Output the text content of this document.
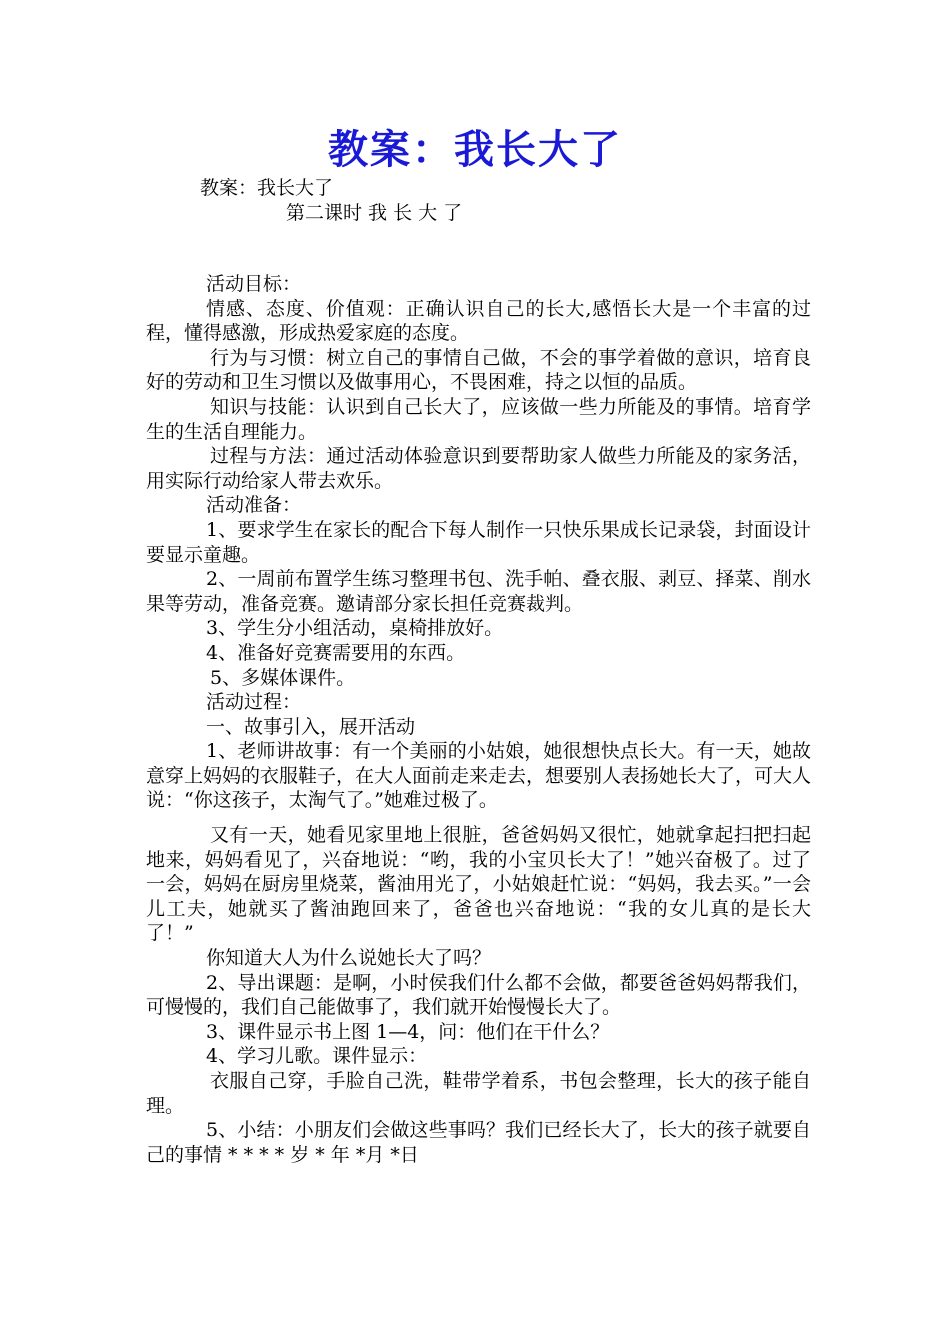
教案：我长大了
教案：我长大了
第二课时 我 长 大 了

活动目标：

情感、态度、价值观：正确认识自己的长大,感悟长大是一个丰富的过程，懂得感激，形成热爱家庭的态度。

行为与习惯：树立自己的事情自己做，不会的事学着做的意识，培育良好的劳动和卫生习惯以及做事用心，不畏困难，持之以恒的品质。

知识与技能：认识到自己长大了，应该做一些力所能及的事情。培育学生的生活自理能力。

过程与方法：通过活动体验意识到要帮助家人做些力所能及的家务活，用实际行动给家人带去欢乐。

活动准备：

1、要求学生在家长的配合下每人制作一只快乐果成长记录袋，封面设计要显示童趣。

2、一周前布置学生练习整理书包、洗手帕、叠衣服、剥豆、择菜、削水果等劳动，准备竞赛。邀请部分家长担任竞赛裁判。

3、学生分小组活动，桌椅排放好。

4、准备好竞赛需要用的东西。

5、多媒体课件。

活动过程：

一、故事引入，展开活动

1、老师讲故事：有一个美丽的小姑娘，她很想快点长大。有一天，她故意穿上妈妈的衣服鞋子，在大人面前走来走去，想要别人表扬她长大了，可大人说：“你这孩子，太淘气了。”她难过极了。

又有一天，她看见家里地上很脏，爸爸妈妈又很忙，她就拿起扫把扫起地来，妈妈看见了，兴奋地说：“哟，我的小宝贝长大了！”她兴奋极了。过了一会，妈妈在厨房里烧菜，酱油用光了，小姑娘赶忙说：“妈妈，我去买。”一会儿工夫，她就买了酱油跑回来了，爸爸也兴奋地说：“我的女儿真的是长大了！”

你知道大人为什么说她长大了吗？

2、导出课题：是啊，小时侯我们什么都不会做，都要爸爸妈妈帮我们，可慢慢的，我们自己能做事了，我们就开始慢慢长大了。

3、课件显示书上图 1—4，问：他们在干什么？

4、学习儿歌。课件显示：

衣服自己穿，手脸自己洗，鞋带学着系，书包会整理，长大的孩子能自理。

5、小结：小朋友们会做这些事吗？我们已经长大了，长大的孩子就要自己的事情 * * * * 岁 * 年 *月 *日
